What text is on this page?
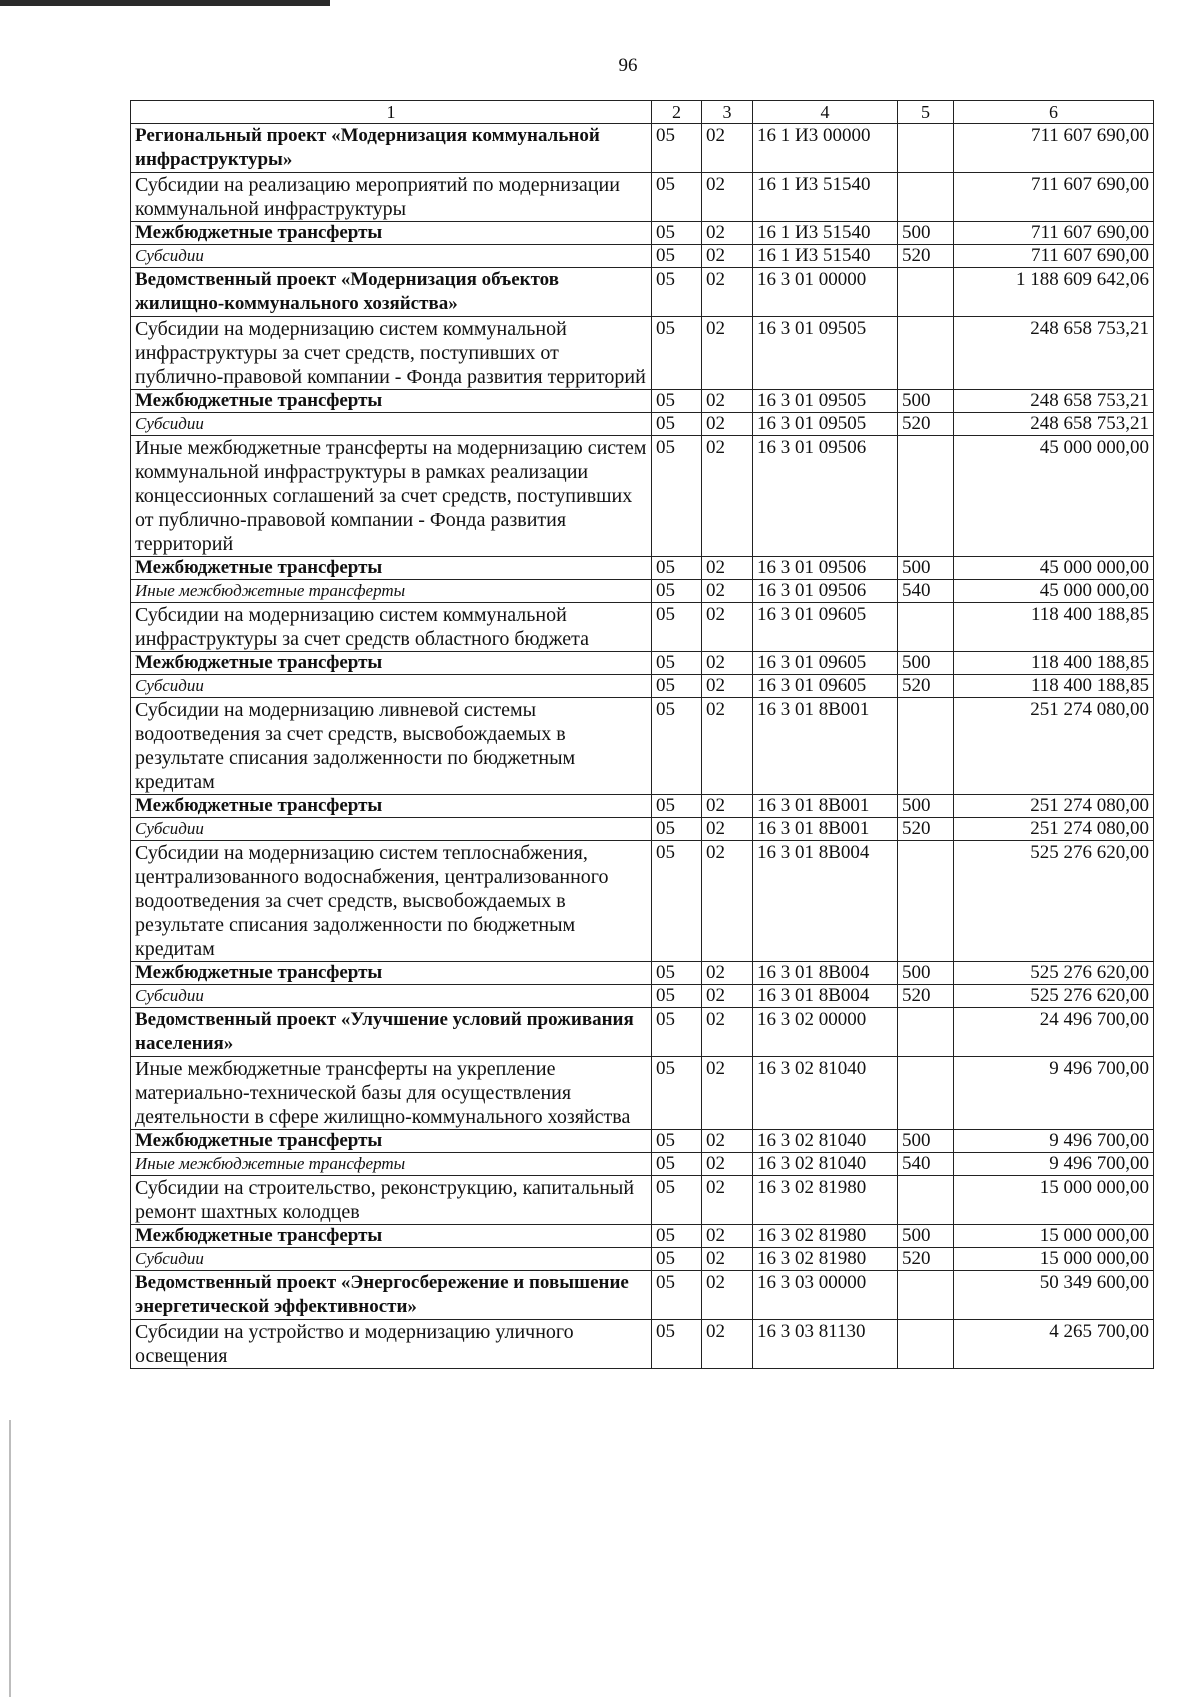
96
1	2	3	4	5	6
Региональный проект «Модернизация коммунальной инфраструктуры»	05	02	16 1 И3 00000		711 607 690,00
Субсидии на реализацию мероприятий по модернизации коммунальной инфраструктуры	05	02	16 1 И3 51540		711 607 690,00
Межбюджетные трансферты	05	02	16 1 И3 51540	500	711 607 690,00
Субсидии	05	02	16 1 И3 51540	520	711 607 690,00
Ведомственный проект «Модернизация объектов жилищно-коммунального хозяйства»	05	02	16 3 01 00000		1 188 609 642,06
Субсидии на модернизацию систем коммунальной инфраструктуры за счет средств, поступивших от публично-правовой компании - Фонда развития территорий	05	02	16 3 01 09505		248 658 753,21
Межбюджетные трансферты	05	02	16 3 01 09505	500	248 658 753,21
Субсидии	05	02	16 3 01 09505	520	248 658 753,21
Иные межбюджетные трансферты на модернизацию систем коммунальной инфраструктуры в рамках реализации концессионных соглашений за счет средств, поступивших от публично-правовой компании - Фонда развития территорий	05	02	16 3 01 09506		45 000 000,00
Межбюджетные трансферты	05	02	16 3 01 09506	500	45 000 000,00
Иные межбюджетные трансферты	05	02	16 3 01 09506	540	45 000 000,00
Субсидии на модернизацию систем коммунальной инфраструктуры за счет средств областного бюджета	05	02	16 3 01 09605		118 400 188,85
Межбюджетные трансферты	05	02	16 3 01 09605	500	118 400 188,85
Субсидии	05	02	16 3 01 09605	520	118 400 188,85
Субсидии на модернизацию ливневой системы водоотведения за счет средств, высвобождаемых в результате списания задолженности по бюджетным кредитам	05	02	16 3 01 8В001		251 274 080,00
Межбюджетные трансферты	05	02	16 3 01 8В001	500	251 274 080,00
Субсидии	05	02	16 3 01 8В001	520	251 274 080,00
Субсидии на модернизацию систем теплоснабжения, централизованного водоснабжения, централизованного водоотведения за счет средств, высвобождаемых в результате списания задолженности по бюджетным кредитам	05	02	16 3 01 8В004		525 276 620,00
Межбюджетные трансферты	05	02	16 3 01 8В004	500	525 276 620,00
Субсидии	05	02	16 3 01 8В004	520	525 276 620,00
Ведомственный проект «Улучшение условий проживания населения»	05	02	16 3 02 00000		24 496 700,00
Иные межбюджетные трансферты на укрепление материально-технической базы для осуществления деятельности в сфере жилищно-коммунального хозяйства	05	02	16 3 02 81040		9 496 700,00
Межбюджетные трансферты	05	02	16 3 02 81040	500	9 496 700,00
Иные межбюджетные трансферты	05	02	16 3 02 81040	540	9 496 700,00
Субсидии на строительство, реконструкцию, капитальный ремонт шахтных колодцев	05	02	16 3 02 81980		15 000 000,00
Межбюджетные трансферты	05	02	16 3 02 81980	500	15 000 000,00
Субсидии	05	02	16 3 02 81980	520	15 000 000,00
Ведомственный проект «Энергосбережение и повышение энергетической эффективности»	05	02	16 3 03 00000		50 349 600,00
Субсидии на устройство и модернизацию уличного освещения	05	02	16 3 03 81130		4 265 700,00
